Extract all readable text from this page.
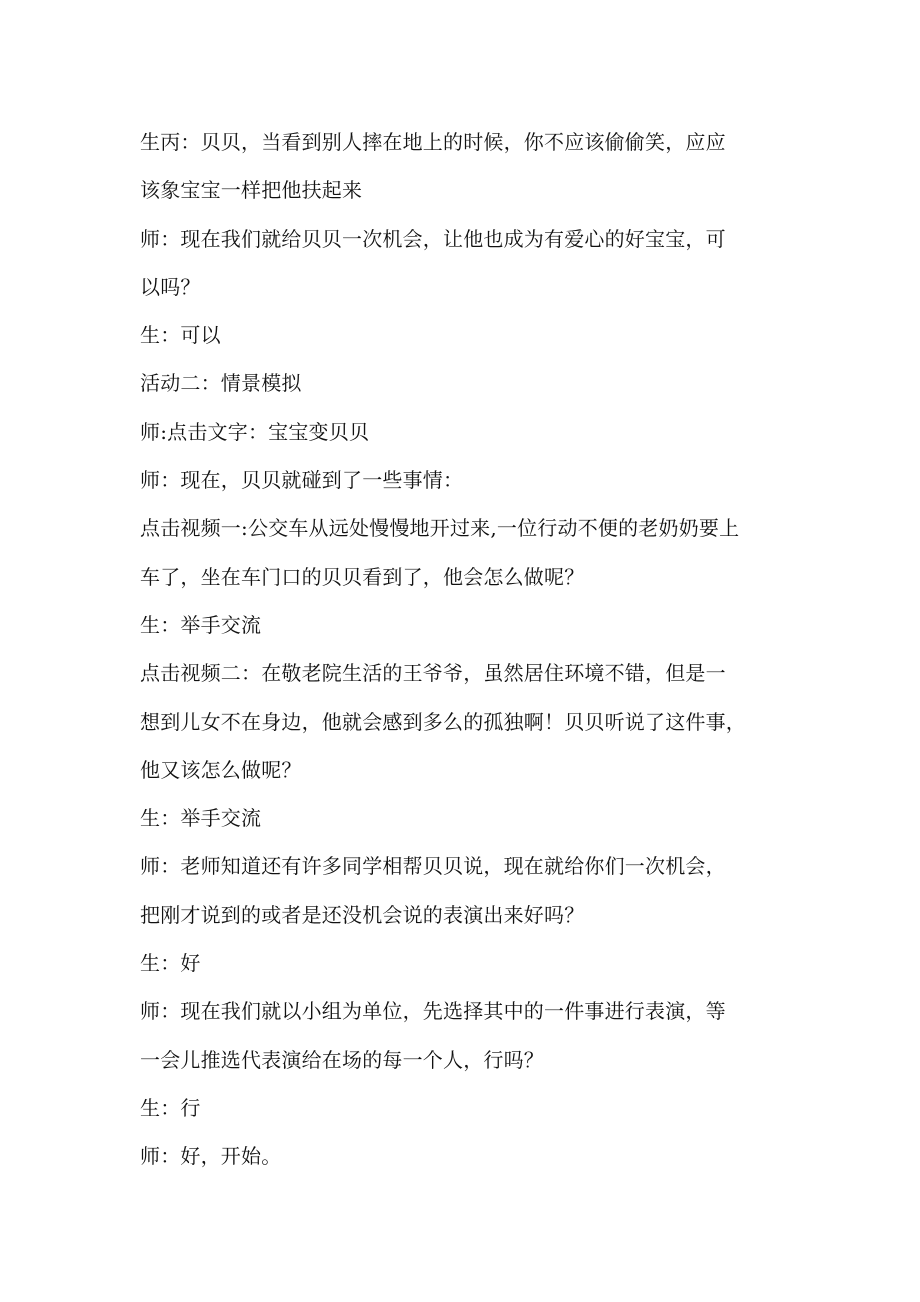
生丙：贝贝，当看到别人摔在地上的时候，你不应该偷偷笑，应应
该象宝宝一样把他扶起来
师：现在我们就给贝贝一次机会，让他也成为有爱心的好宝宝，可
以吗？
生：可以
活动二：情景模拟
师:点击文字：宝宝变贝贝
师：现在，贝贝就碰到了一些事情：
点击视频一:公交车从远处慢慢地开过来,一位行动不便的老奶奶要上
车了，坐在车门口的贝贝看到了，他会怎么做呢？
生：举手交流
点击视频二：在敬老院生活的王爷爷，虽然居住环境不错，但是一
想到儿女不在身边，他就会感到多么的孤独啊！贝贝听说了这件事，
他又该怎么做呢？
生：举手交流
师：老师知道还有许多同学相帮贝贝说，现在就给你们一次机会，
把刚才说到的或者是还没机会说的表演出来好吗？
生：好
师：现在我们就以小组为单位，先选择其中的一件事进行表演，等
一会儿推选代表演给在场的每一个人，行吗？
生：行
师：好，开始。
